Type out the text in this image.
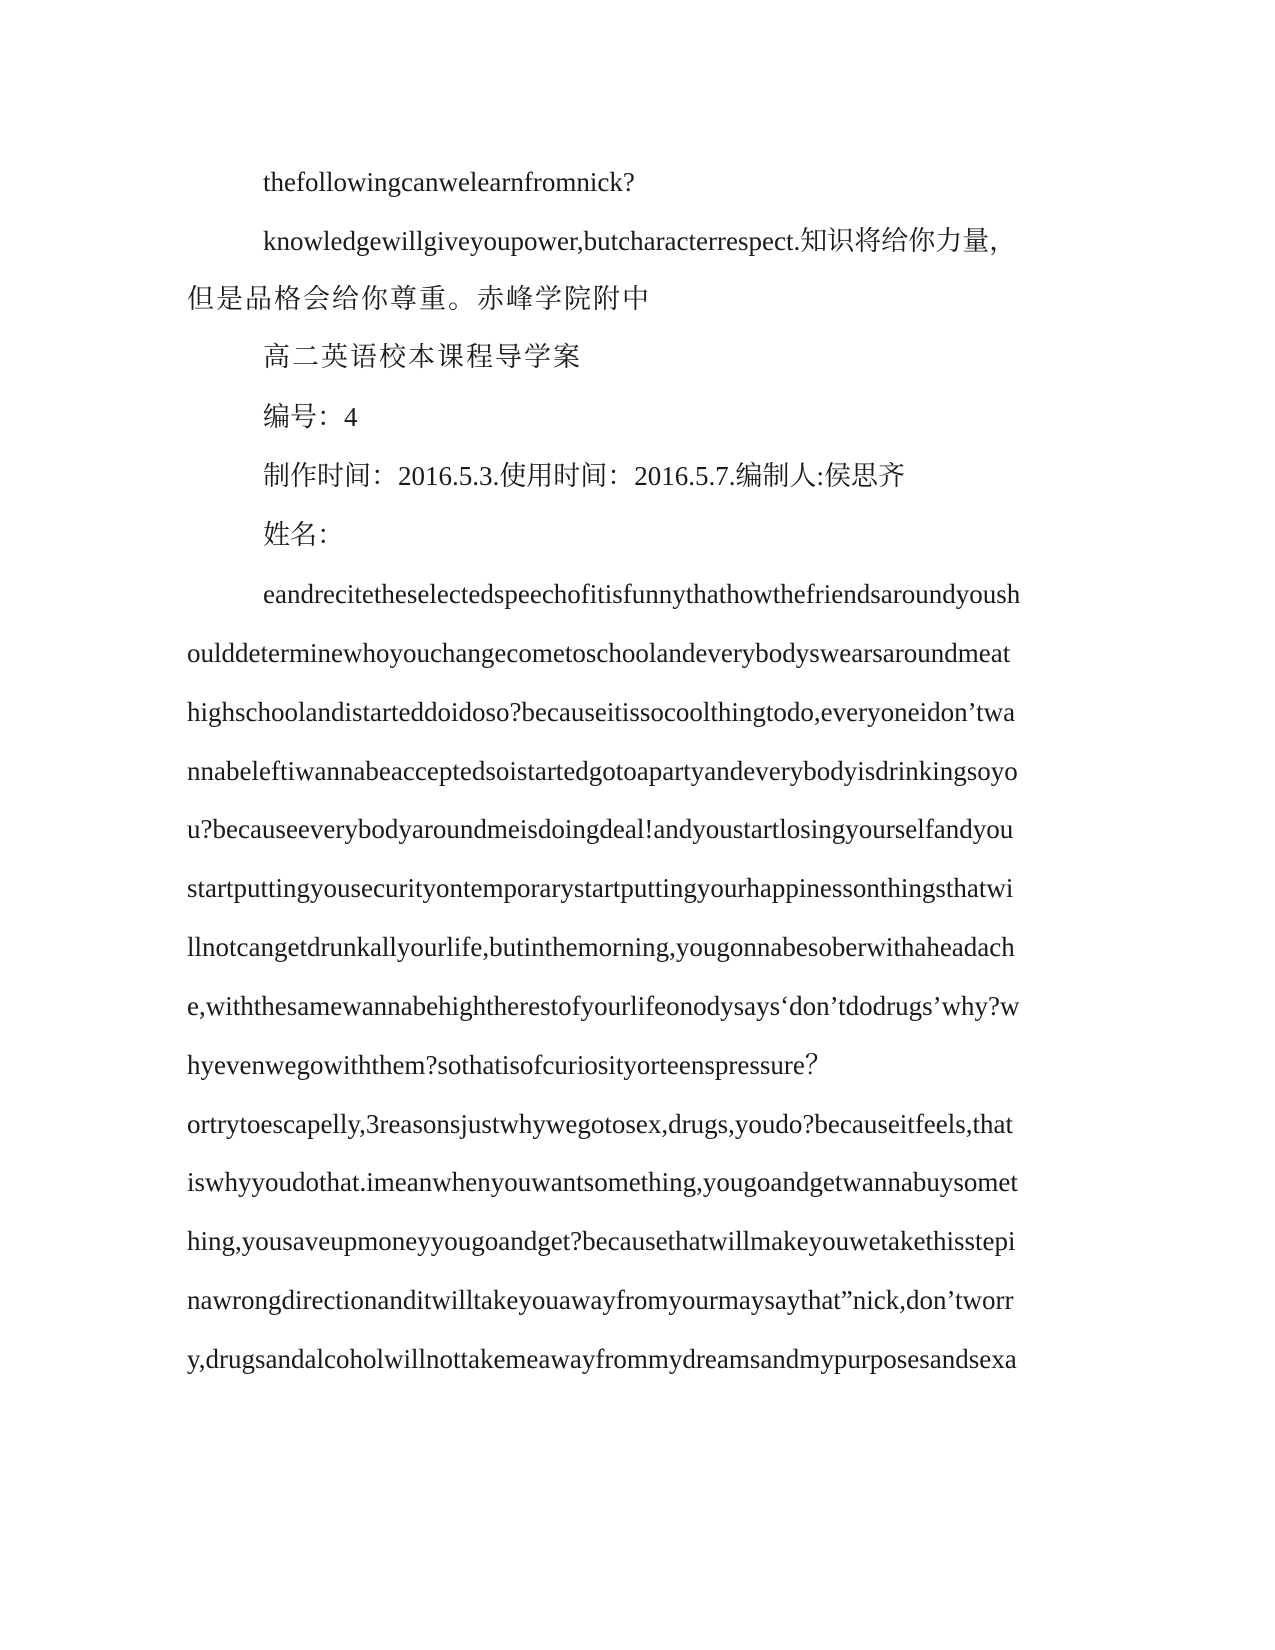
thefollowingcanwelearnfromnick?
knowledgewillgiveyoupower,butcharacterrespect.知识将给你力量，
但是品格会给你尊重。赤峰学院附中
高二英语校本课程导学案
编号：4
制作时间：2016.5.3.使用时间：2016.5.7.编制人:侯思齐
姓名：
eandrecitetheselectedspeechofitisfunnythathowthefriendsaroundyoush
oulddeterminewhoyouchangecometoschoolandeverybodyswearsaroundmeat
highschoolandistarteddoidoso?becauseitissocoolthingtodo,everyoneidon’twa
nnabeleftiwannabeacceptedsoistartedgotoapartyandeverybodyisdrinkingsoyo
u?becauseeverybodyaroundmeisdoingdeal!andyoustartlosingyourselfandyou
startputtingyousecurityontemporarystartputtingyourhappinessonthingsthatwi
llnotcangetdrunkallyourlife,butinthemorning,yougonnabesoberwithaheadach
e,withthesamewannabehightherestofyourlifeonodysays‘don’tdodrugs’why?w
hyevenwegowiththem?sothatisofcuriosityorteenspressure？
ortrytoescapelly,3reasonsjustwhywegotosex,drugs,youdo?becauseitfeels,that
iswhyyoudothat.imeanwhenyouwantsomething,yougoandgetwannabuysomet
hing,yousaveupmoneyyougoandget?becausethatwillmakeyouwetakethisstepi
nawrongdirectionanditwilltakeyouawayfromyourmaysaythat”nick,don’tworr
y,drugsandalcoholwillnottakemeawayfrommydreamsandmypurposesandsexa
